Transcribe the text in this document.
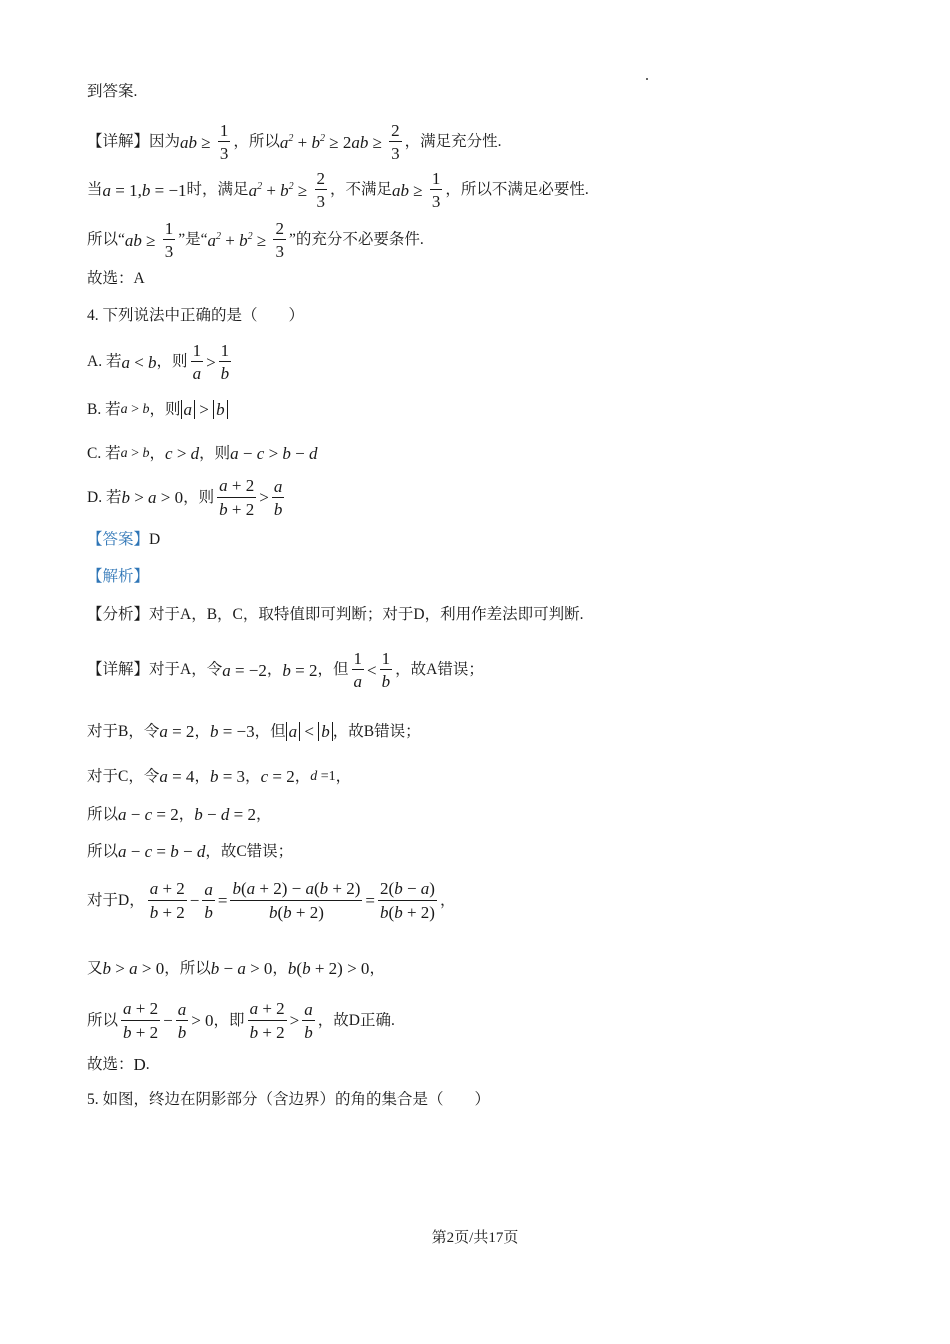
到答案.
【详解】 因为 ab ≥ $\frac{1}{3}$ ，所以 $a^2 + b^2 \ge 2$ ab ≥ $\frac{2}{3}$ ，满足充分性.
当 a = 1, b = −1 时，满足 $a^2 + b^2 \ge \frac{2}{3}$ ，不满足 ab ≥ $\frac{1}{3}$ ，所以不满足必要性.
所以“ ab ≥ $\frac{1}{3}$ ”是“ $a^2 + b^2 \ge \frac{2}{3}$ ”的充分不必要条件.
故选：A
4. 下列说法中正确的是（　　）
A. 若 a < b ，则 $\frac{1}{a} > \frac{1}{b}$
B. 若 a > b ，则 a > b
C. 若 a > b ， c > d ，则 a − c > b − d
D. 若 b > a > 0 ，则 $\frac{a + 2}{b + 2} > \frac{a}{b}$
【答案】 D
【解析】
【分析】 对于A，B，C，取特值即可判断；对于D，利用作差法即可判断.
【详解】 对于A，令 a = −2 ， b = 2 ，但 $\frac{1}{a} < \frac{1}{b}$ ，故A错误；
对于B，令 a = 2 ， b = −3 ，但 a < b ，故B错误；
对于C，令 a = 4 ， b = 3 ， c = 2 ， d =1 ，
所以 a − c = 2 ， b − d = 2 ，
所以 a − c = b − d ，故C错误；
对于D， $\frac{a + 2}{b + 2} - \frac{a}{b} = \frac{b(a + 2) - a(b + 2)}{b(b + 2)} = \frac{2(b - a)}{b(b + 2)}$ ，
又 b > a > 0 ，所以 b − a > 0 ， b ( b + 2) > 0 ，
所以 $\frac{a + 2}{b + 2} - \frac{a}{b} > 0$ ，即 $\frac{a + 2}{b + 2} > \frac{a}{b}$ ，故D正确.
故选： D .
5. 如图，终边在阴影部分（含边界）的角的集合是（　　）
第2页/共17页
